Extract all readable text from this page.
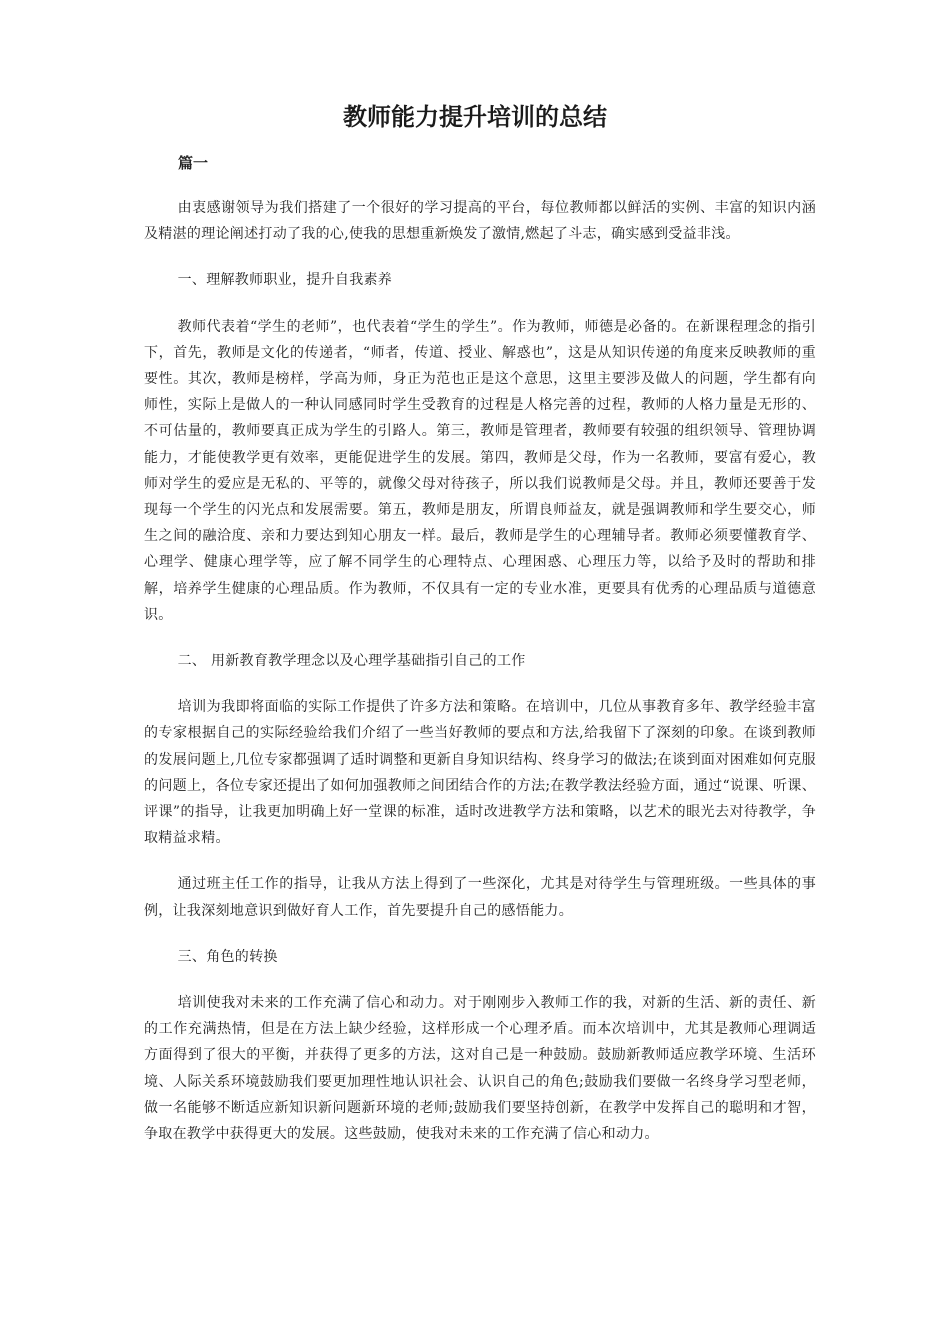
教师能力提升培训的总结
篇一

由衷感谢领导为我们搭建了一个很好的学习提高的平台，每位教师都以鲜活的实例、丰富的知识内涵及精湛的理论阐述打动了我的心,使我的思想重新焕发了激情,燃起了斗志，确实感到受益非浅。

一、理解教师职业，提升自我素养

教师代表着“学生的老师”，也代表着“学生的学生”。作为教师，师德是必备的。在新课程理念的指引下，首先，教师是文化的传递者，“师者，传道、授业、解惑也”，这是从知识传递的角度来反映教师的重要性。其次，教师是榜样，学高为师，身正为范也正是这个意思，这里主要涉及做人的问题，学生都有向师性，实际上是做人的一种认同感同时学生受教育的过程是人格完善的过程，教师的人格力量是无形的、不可估量的，教师要真正成为学生的引路人。第三，教师是管理者，教师要有较强的组织领导、管理协调能力，才能使教学更有效率，更能促进学生的发展。第四，教师是父母，作为一名教师，要富有爱心，教师对学生的爱应是无私的、平等的，就像父母对待孩子，所以我们说教师是父母。并且，教师还要善于发现每一个学生的闪光点和发展需要。第五，教师是朋友，所谓良师益友，就是强调教师和学生要交心，师生之间的融洽度、亲和力要达到知心朋友一样。最后，教师是学生的心理辅导者。教师必须要懂教育学、心理学、健康心理学等，应了解不同学生的心理特点、心理困惑、心理压力等，以给予及时的帮助和排解，培养学生健康的心理品质。作为教师，不仅具有一定的专业水准，更要具有优秀的心理品质与道德意识。

二、 用新教育教学理念以及心理学基础指引自己的工作

培训为我即将面临的实际工作提供了许多方法和策略。在培训中，几位从事教育多年、教学经验丰富的专家根据自己的实际经验给我们介绍了一些当好教师的要点和方法,给我留下了深刻的印象。在谈到教师的发展问题上,几位专家都强调了适时调整和更新自身知识结构、终身学习的做法;在谈到面对困难如何克服的问题上，各位专家还提出了如何加强教师之间团结合作的方法;在教学教法经验方面，通过“说课、听课、评课”的指导，让我更加明确上好一堂课的标准，适时改进教学方法和策略，以艺术的眼光去对待教学，争取精益求精。

通过班主任工作的指导，让我从方法上得到了一些深化，尤其是对待学生与管理班级。一些具体的事例，让我深刻地意识到做好育人工作，首先要提升自己的感悟能力。

三、角色的转换

培训使我对未来的工作充满了信心和动力。对于刚刚步入教师工作的我，对新的生活、新的责任、新的工作充满热情，但是在方法上缺少经验，这样形成一个心理矛盾。而本次培训中，尤其是教师心理调适方面得到了很大的平衡，并获得了更多的方法，这对自己是一种鼓励。鼓励新教师适应教学环境、生活环境、人际关系环境鼓励我们要更加理性地认识社会、认识自己的角色;鼓励我们要做一名终身学习型老师，做一名能够不断适应新知识新问题新环境的老师;鼓励我们要坚持创新，在教学中发挥自己的聪明和才智，争取在教学中获得更大的发展。这些鼓励，使我对未来的工作充满了信心和动力。
